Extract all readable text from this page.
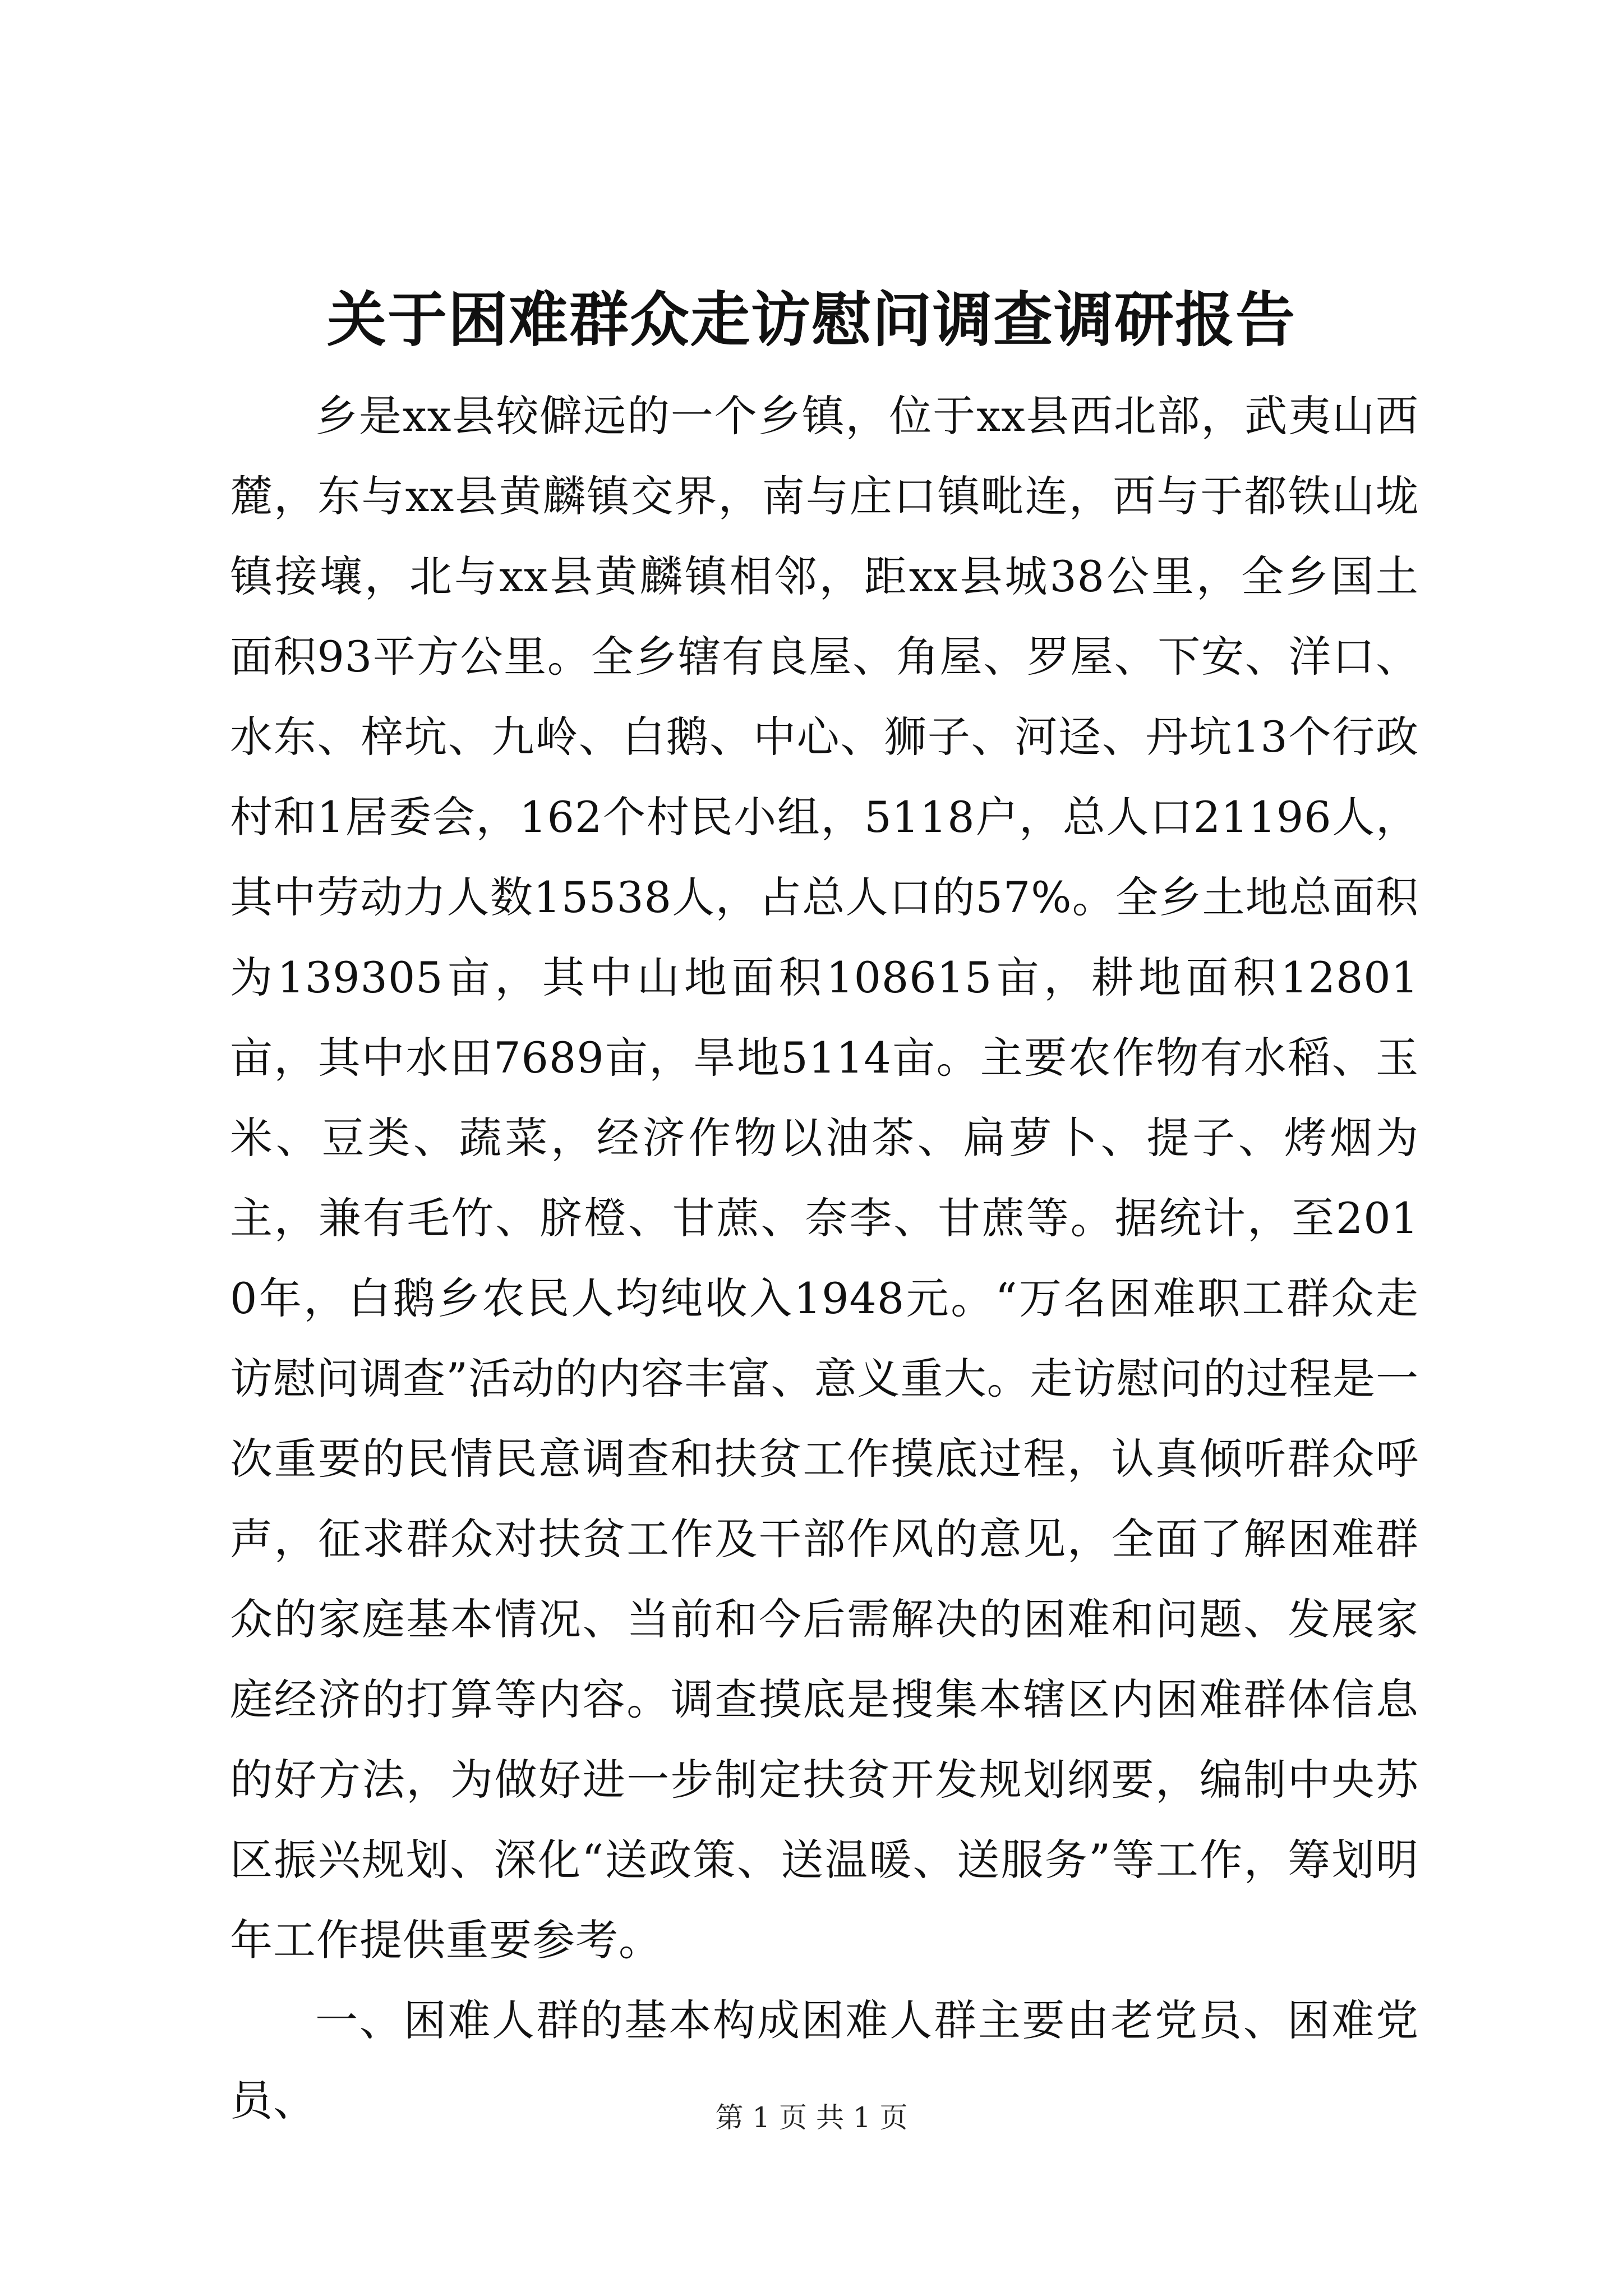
关于困难群众走访慰问调查调研报告

乡是xx县较僻远的一个乡镇，位于xx县西北部，武夷山西麓，东与xx县黄麟镇交界，南与庄口镇毗连，西与于都铁山垅镇接壤，北与xx县黄麟镇相邻，距xx县城38公里，全乡国土面积93平方公里。全乡辖有良屋、角屋、罗屋、下安、洋口、水东、梓坑、九岭、白鹅、中心、狮子、河迳、丹坑13个行政村和1居委会，162个村民小组，5118户，总人口21196人，其中劳动力人数15538人，占总人口的57%。全乡土地总面积为139305亩，其中山地面积108615亩，耕地面积12801亩，其中水田7689亩，旱地5114亩。主要农作物有水稻、玉米、豆类、蔬菜，经济作物以油茶、扁萝卜、提子、烤烟为主，兼有毛竹、脐橙、甘蔗、奈李、甘蔗等。据统计，至2010年，白鹅乡农民人均纯收入1948元。“万名困难职工群众走访慰问调查”活动的内容丰富、意义重大。走访慰问的过程是一次重要的民情民意调查和扶贫工作摸底过程，认真倾听群众呼声，征求群众对扶贫工作及干部作风的意见，全面了解困难群众的家庭基本情况、当前和今后需解决的困难和问题、发展家庭经济的打算等内容。调查摸底是搜集本辖区内困难群体信息的好方法，为做好进一步制定扶贫开发规划纲要，编制中央苏区振兴规划、深化“送政策、送温暖、送服务”等工作，筹划明年工作提供重要参考。

一、困难人群的基本构成困难人群主要由老党员、困难党员、	第 1 页 共 1 页
